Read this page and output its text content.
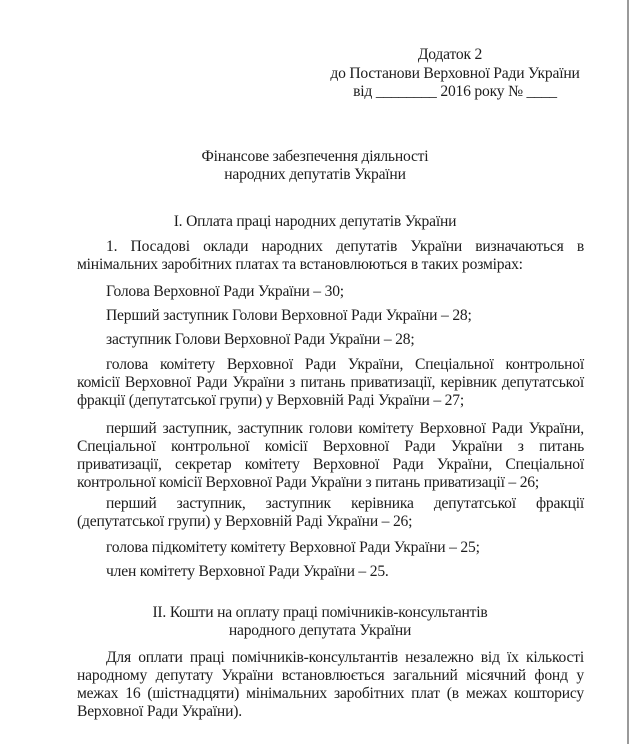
Додаток 2
до Постанови Верховної Ради України
від ________ 2016 року № ____
Фінансове забезпечення діяльності
народних депутатів України
І. Оплата праці народних депутатів України
1. Посадові оклади народних депутатів України визначаються в
мінімальних заробітних платах та встановлюються в таких розмірах:
Голова Верховної Ради України – 30;
Перший заступник Голови Верховної Ради України – 28;
заступник Голови Верховної Ради України – 28;
голова комітету Верховної Ради України, Спеціальної контрольної
комісії Верховної Ради України з питань приватизації, керівник депутатської
фракції (депутатської групи) у Верховній Раді України – 27;
перший заступник, заступник голови комітету Верховної Ради України,
Спеціальної контрольної комісії Верховної Ради України з питань
приватизації, секретар комітету Верховної Ради України, Спеціальної
контрольної комісії Верховної Ради України з питань приватизації – 26;
перший заступник, заступник керівника депутатської фракції
(депутатської групи) у Верховній Раді України – 26;
голова підкомітету комітету Верховної Ради України – 25;
член комітету Верховної Ради України – 25.
ІІ. Кошти на оплату праці помічників-консультантів
народного депутата України
Для оплати праці помічників-консультантів незалежно від їх кількості
народному депутату України встановлюється загальний місячний фонд у
межах 16 (шістнадцяти) мінімальних заробітних плат (в межах кошторису
Верховної Ради України).
